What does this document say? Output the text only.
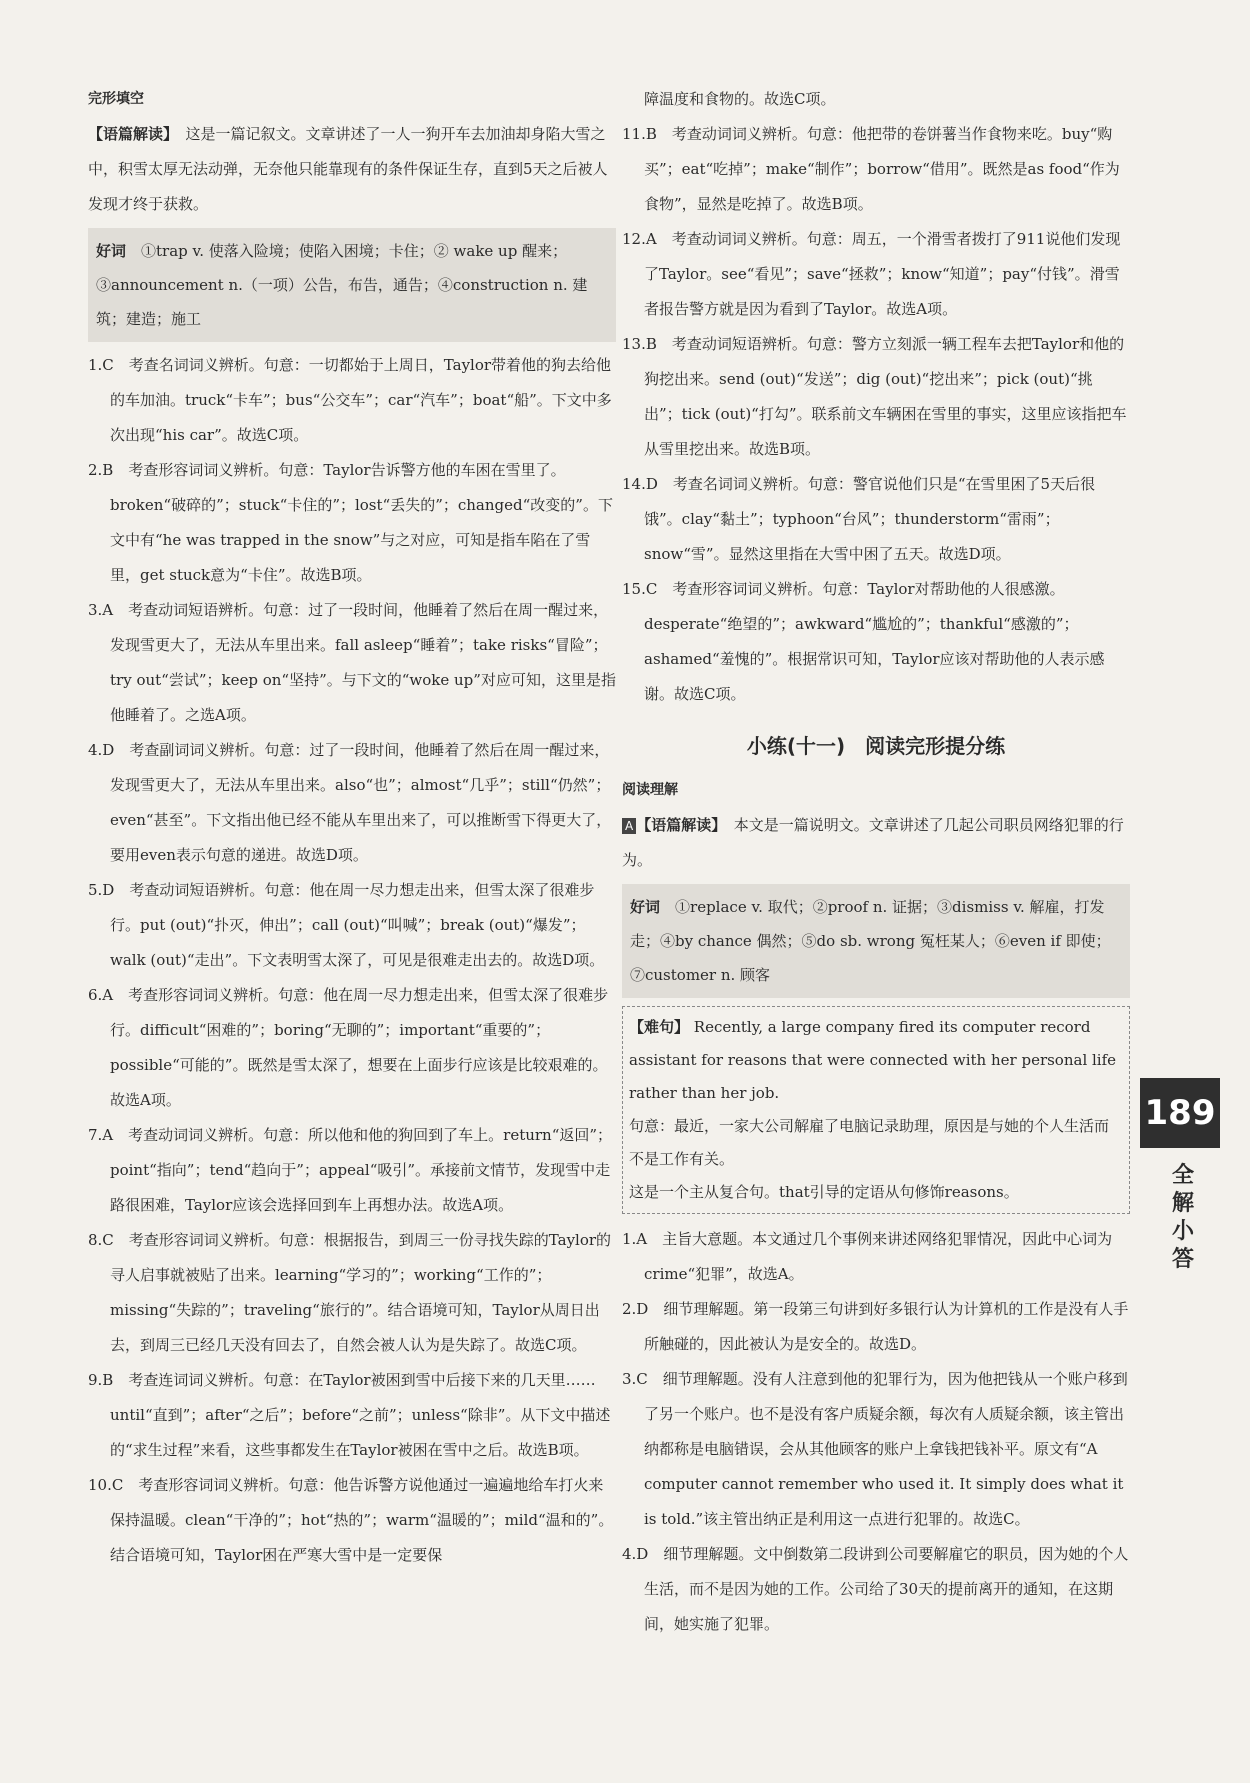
完形填空

【语篇解读】　 这是一篇记叙文。文章讲述了一人一狗开车去加油却身陷大雪之中，积雪太厚无法动弹，无奈他只能靠现有的条件保证生存，直到5天之后被人发现才终于获救。

好词　 ①trap v. 使落入险境；使陷入困境；卡住；② wake up 醒来；③announcement n.（一项）公告，布告，通告；④construction n. 建筑；建造；施工

1.C　考查名词词义辨析。句意：一切都始于上周日，Taylor带着他的狗去给他的车加油。truck“卡车”；bus“公交车”；car“汽车”；boat“船”。下文中多次出现“his car”。故选C项。

2.B　考查形容词词义辨析。句意：Taylor告诉警方他的车困在雪里了。broken“破碎的”；stuck“卡住的”；lost“丢失的”；changed“改变的”。下文中有“he was trapped in the snow”与之对应，可知是指车陷在了雪里，get stuck意为“卡住”。故选B项。

3.A　考查动词短语辨析。句意：过了一段时间，他睡着了然后在周一醒过来，发现雪更大了，无法从车里出来。fall asleep“睡着”；take risks“冒险”；try out“尝试”；keep on“坚持”。与下文的“woke up”对应可知，这里是指他睡着了。之选A项。

4.D　考查副词词义辨析。句意：过了一段时间，他睡着了然后在周一醒过来，发现雪更大了，无法从车里出来。also“也”；almost“几乎”；still“仍然”；even“甚至”。下文指出他已经不能从车里出来了，可以推断雪下得更大了，要用even表示句意的递进。故选D项。

5.D　考查动词短语辨析。句意：他在周一尽力想走出来，但雪太深了很难步行。put (out)“扑灭，伸出”；call (out)“叫喊”；break (out)“爆发”；walk (out)“走出”。下文表明雪太深了，可见是很难走出去的。故选D项。

6.A　考查形容词词义辨析。句意：他在周一尽力想走出来，但雪太深了很难步行。difficult“困难的”；boring“无聊的”；important“重要的”；possible“可能的”。既然是雪太深了，想要在上面步行应该是比较艰难的。故选A项。

7.A　考查动词词义辨析。句意：所以他和他的狗回到了车上。return“返回”；point“指向”；tend“趋向于”；appeal“吸引”。承接前文情节，发现雪中走路很困难，Taylor应该会选择回到车上再想办法。故选A项。

8.C　考查形容词词义辨析。句意：根据报告，到周三一份寻找失踪的Taylor的寻人启事就被贴了出来。learning“学习的”；working“工作的”；missing“失踪的”；traveling“旅行的”。结合语境可知，Taylor从周日出去，到周三已经几天没有回去了，自然会被人认为是失踪了。故选C项。

9.B　考查连词词义辨析。句意：在Taylor被困到雪中后接下来的几天里……until“直到”；after“之后”；before“之前”；unless“除非”。从下文中描述的“求生过程”来看，这些事都发生在Taylor被困在雪中之后。故选B项。

10.C　考查形容词词义辨析。句意：他告诉警方说他通过一遍遍地给车打火来保持温暖。clean“干净的”；hot“热的”；warm“温暖的”；mild“温和的”。结合语境可知，Taylor困在严寒大雪中是一定要保

障温度和食物的。故选C项。

11.B　考查动词词义辨析。句意：他把带的卷饼薯当作食物来吃。buy“购买”；eat“吃掉”；make“制作”；borrow“借用”。既然是as food“作为食物”，显然是吃掉了。故选B项。

12.A　考查动词词义辨析。句意：周五，一个滑雪者拨打了911说他们发现了Taylor。see“看见”；save“拯救”；know“知道”；pay“付钱”。滑雪者报告警方就是因为看到了Taylor。故选A项。

13.B　考查动词短语辨析。句意：警方立刻派一辆工程车去把Taylor和他的狗挖出来。send (out)“发送”；dig (out)“挖出来”；pick (out)“挑出”；tick (out)“打勾”。联系前文车辆困在雪里的事实，这里应该指把车从雪里挖出来。故选B项。

14.D　考查名词词义辨析。句意：警官说他们只是“在雪里困了5天后很饿”。clay“黏土”；typhoon“台风”；thunderstorm“雷雨”；snow“雪”。显然这里指在大雪中困了五天。故选D项。

15.C　考查形容词词义辨析。句意：Taylor对帮助他的人很感激。desperate“绝望的”；awkward“尴尬的”；thankful“感激的”；ashamed“羞愧的”。根据常识可知，Taylor应该对帮助他的人表示感谢。故选C项。

小练(十一)　阅读完形提分练

阅读理解

A 【语篇解读】　 本文是一篇说明文。文章讲述了几起公司职员网络犯罪的行为。

好词　 ①replace v. 取代；②proof n. 证据；③dismiss v. 解雇，打发走；④by chance 偶然；⑤do sb. wrong 冤枉某人；⑥even if 即使；⑦customer n. 顾客

【难句】 Recently, a large company fired its computer record assistant for reasons that were connected with her personal life rather than her job.

句意：最近，一家大公司解雇了电脑记录助理，原因是与她的个人生活而不是工作有关。

这是一个主从复合句。that引导的定语从句修饰reasons。

1.A　主旨大意题。本文通过几个事例来讲述网络犯罪情况，因此中心词为crime“犯罪”，故选A。

2.D　细节理解题。第一段第三句讲到好多银行认为计算机的工作是没有人手所触碰的，因此被认为是安全的。故选D。

3.C　细节理解题。没有人注意到他的犯罪行为，因为他把钱从一个账户移到了另一个账户。也不是没有客户质疑余额，每次有人质疑余额，该主管出纳都称是电脑错误，会从其他顾客的账户上拿钱把钱补平。原文有“A computer cannot remember who used it. It simply does what it is told.”该主管出纳正是利用这一点进行犯罪的。故选C。

4.D　细节理解题。文中倒数第二段讲到公司要解雇它的职员，因为她的个人生活，而不是因为她的工作。公司给了30天的提前离开的通知，在这期间，她实施了犯罪。

189
全解小答
